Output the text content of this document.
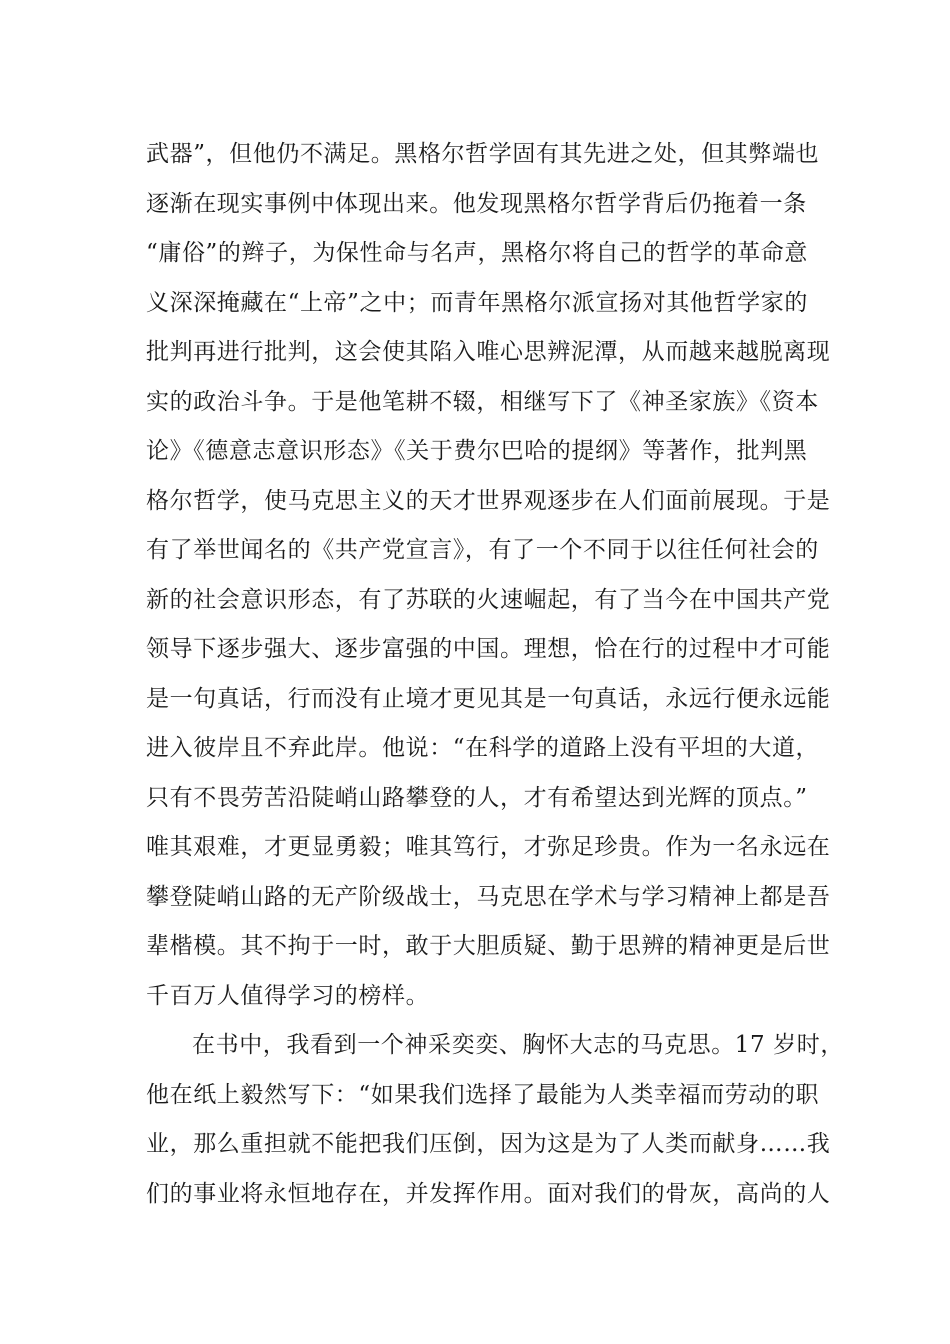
武器”，但他仍不满足。黑格尔哲学固有其先进之处，但其弊端也
逐渐在现实事例中体现出来。他发现黑格尔哲学背后仍拖着一条
“庸俗”的辫子，为保性命与名声，黑格尔将自己的哲学的革命意
义深深掩藏在“上帝”之中；而青年黑格尔派宣扬对其他哲学家的
批判再进行批判，这会使其陷入唯心思辨泥潭，从而越来越脱离现
实的政治斗争。于是他笔耕不辍，相继写下了《神圣家族》《资本
论》《德意志意识形态》《关于费尔巴哈的提纲》等著作，批判黑
格尔哲学，使马克思主义的天才世界观逐步在人们面前展现。于是
有了举世闻名的《共产党宣言》，有了一个不同于以往任何社会的
新的社会意识形态，有了苏联的火速崛起，有了当今在中国共产党
领导下逐步强大、逐步富强的中国。理想，恰在行的过程中才可能
是一句真话，行而没有止境才更见其是一句真话，永远行便永远能
进入彼岸且不弃此岸。他说：“在科学的道路上没有平坦的大道，
只有不畏劳苦沿陡峭山路攀登的人，才有希望达到光辉的顶点。”
唯其艰难，才更显勇毅；唯其笃行，才弥足珍贵。作为一名永远在
攀登陡峭山路的无产阶级战士，马克思在学术与学习精神上都是吾
辈楷模。其不拘于一时，敢于大胆质疑、勤于思辨的精神更是后世
千百万人值得学习的榜样。
在书中，我看到一个神采奕奕、胸怀大志的马克思。17 岁时，
他在纸上毅然写下：“如果我们选择了最能为人类幸福而劳动的职
业，那么重担就不能把我们压倒，因为这是为了人类而献身……我
们的事业将永恒地存在，并发挥作用。面对我们的骨灰，高尚的人
